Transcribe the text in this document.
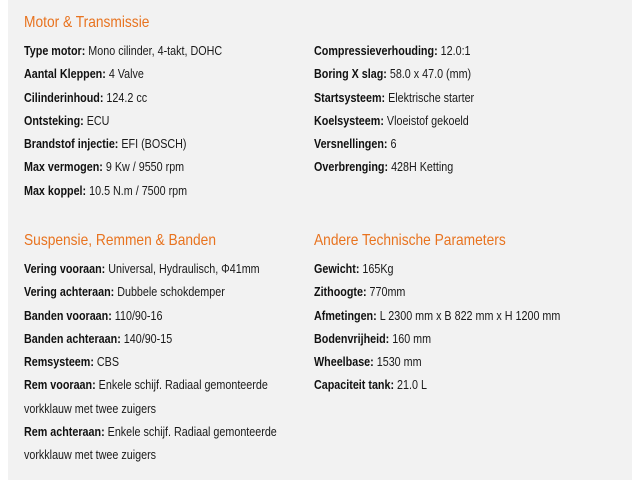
Motor & Transmissie
Type motor: Mono cilinder, 4-takt, DOHC
Aantal Kleppen: 4 Valve
Cilinderinhoud: 124.2 cc
Ontsteking: ECU
Brandstof injectie: EFI (BOSCH)
Max vermogen: 9 Kw / 9550 rpm
Max koppel: 10.5 N.m / 7500 rpm
Compressieverhouding: 12.0:1
Boring X slag: 58.0 x 47.0 (mm)
Startsysteem: Elektrische starter
Koelsysteem: Vloeistof gekoeld
Versnellingen: 6
Overbrenging: 428H Ketting
Suspensie, Remmen & Banden
Vering vooraan: Universal, Hydraulisch, Φ41mm
Vering achteraan: Dubbele schokdemper
Banden vooraan: 110/90-16
Banden achteraan: 140/90-15
Remsysteem: CBS
Rem vooraan: Enkele schijf. Radiaal gemonteerde vorkklauw met twee zuigers
Rem achteraan: Enkele schijf. Radiaal gemonteerde vorkklauw met twee zuigers
Andere Technische Parameters
Gewicht: 165Kg
Zithoogte: 770mm
Afmetingen: L 2300 mm x B 822 mm x H 1200 mm
Bodenvrijheid: 160 mm
Wheelbase: 1530 mm
Capaciteit tank: 21.0 L
